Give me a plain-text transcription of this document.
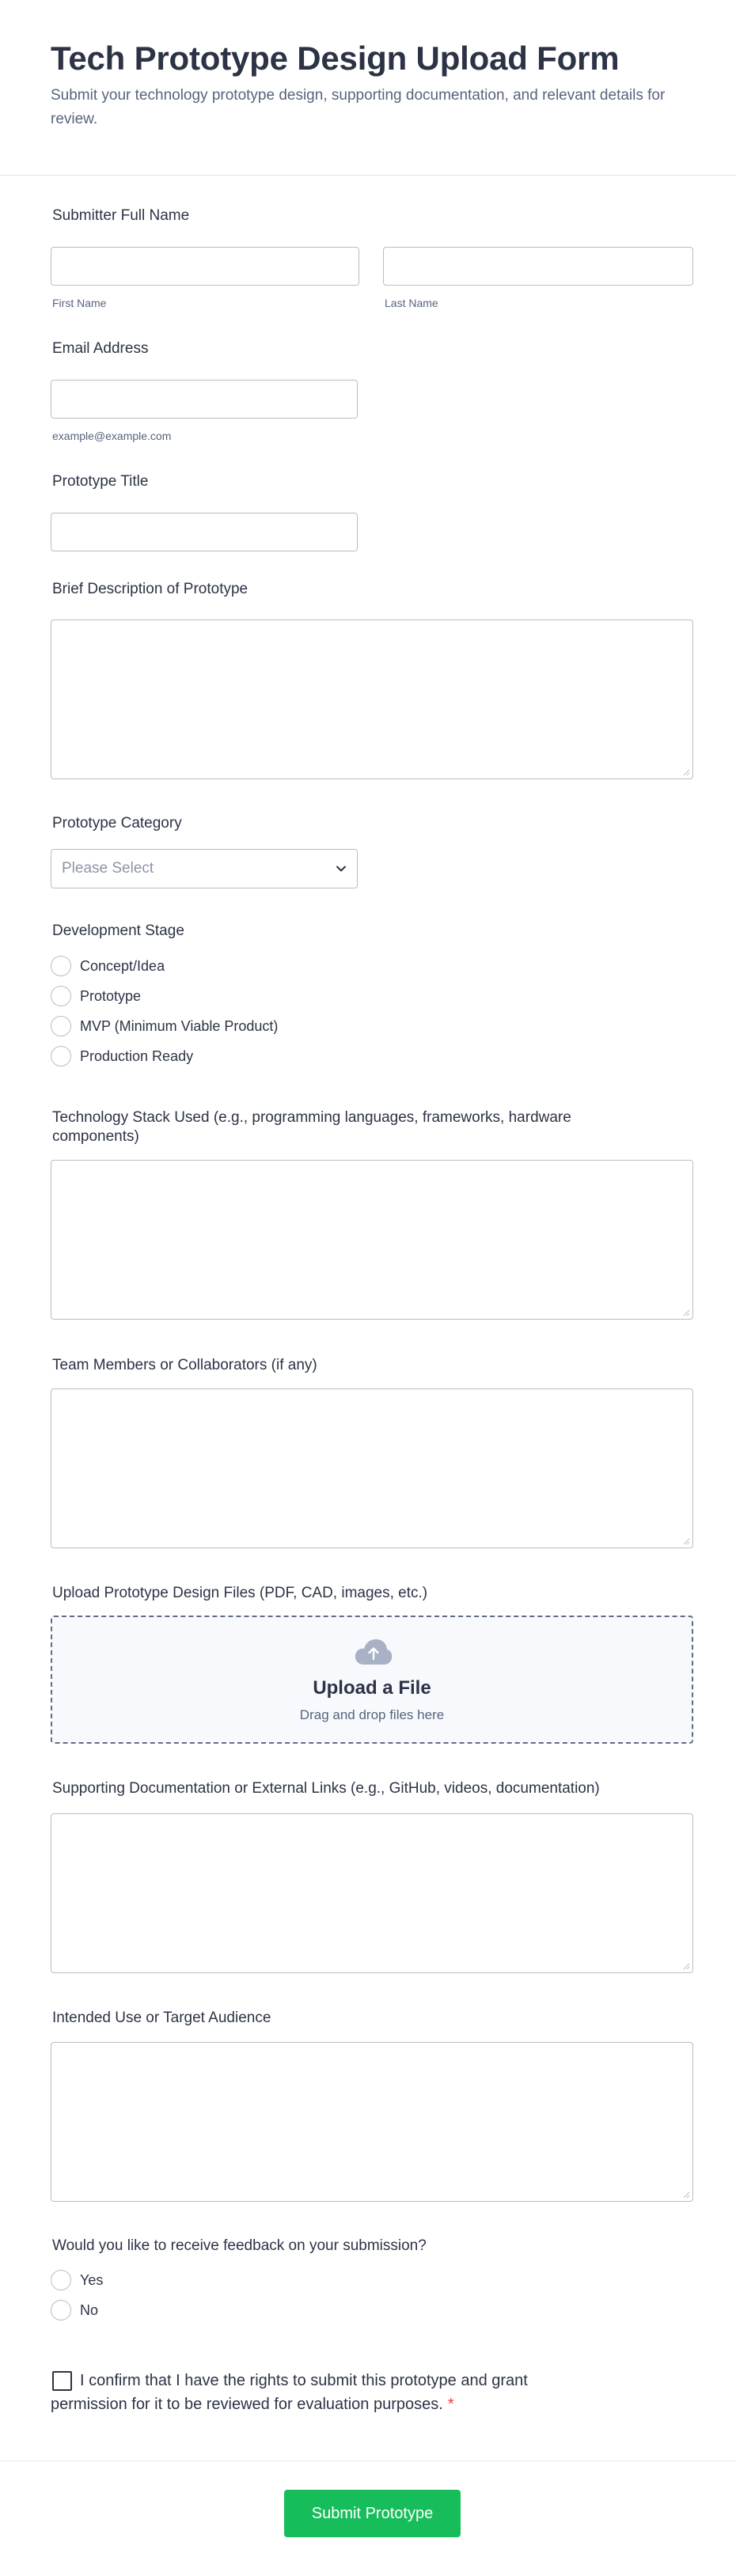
Tech Prototype Design Upload Form

Submit your technology prototype design, supporting documentation, and relevant details for review.

Submitter Full Name
First Name	Last Name
Email Address
example@example.com
Prototype Title
Brief Description of Prototype
Prototype Category
Please Select
Development Stage
Concept/Idea
Prototype
MVP (Minimum Viable Product)
Production Ready
Technology Stack Used (e.g., programming languages, frameworks, hardware
components)
Team Members or Collaborators (if any)
Upload Prototype Design Files (PDF, CAD, images, etc.)
Upload a File
Drag and drop files here
Supporting Documentation or External Links (e.g., GitHub, videos, documentation)
Intended Use or Target Audience
Would you like to receive feedback on your submission?
Yes
No
I confirm that I have the rights to submit this prototype and grant
permission for it to be reviewed for evaluation purposes. *
Submit Prototype
